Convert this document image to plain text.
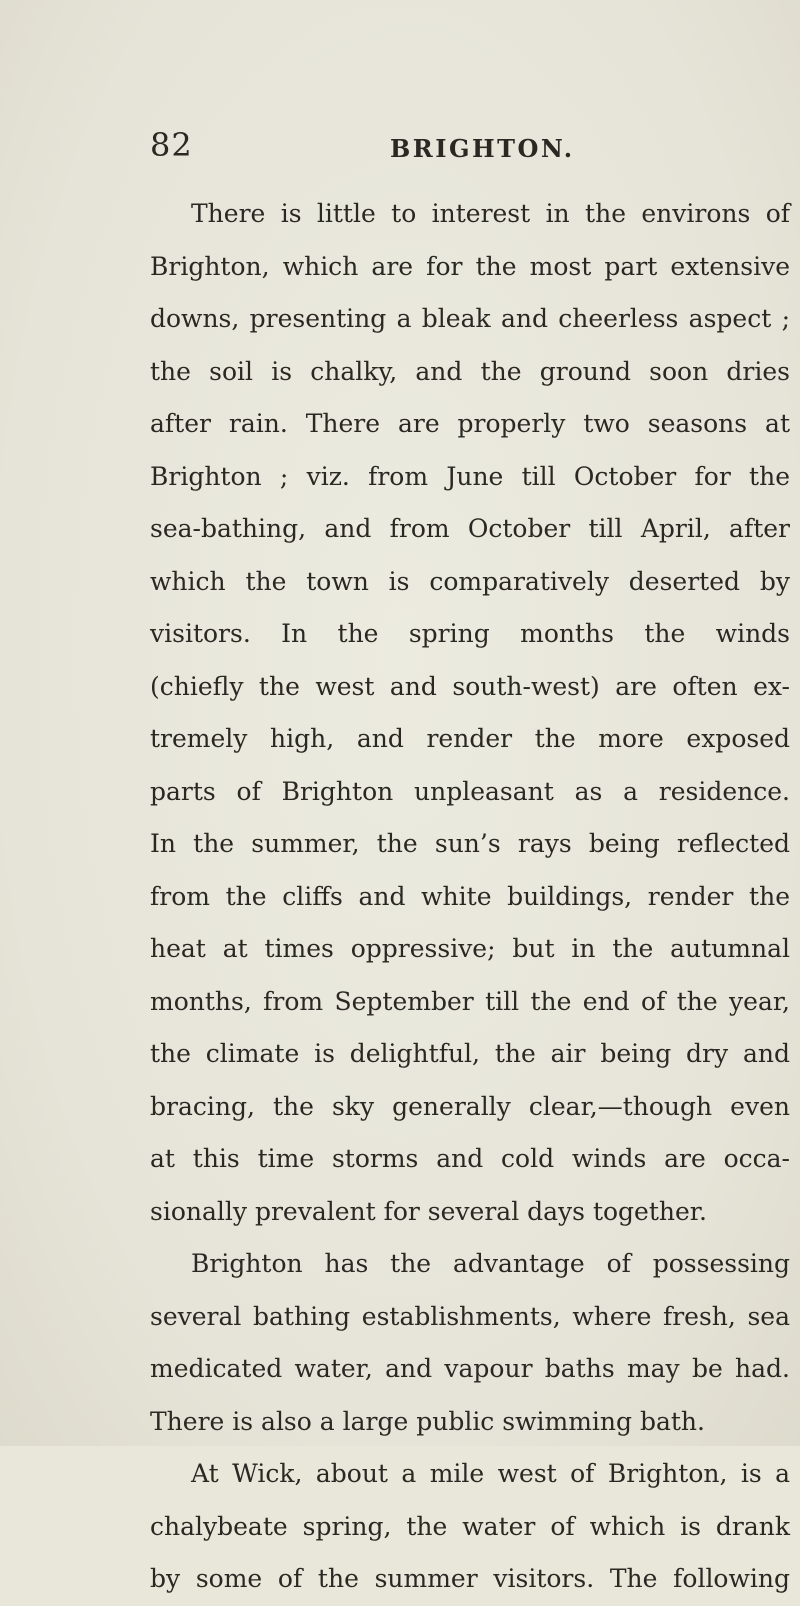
82	BRIGHTON.
There is little to interest in the environs of
Brighton, which are for the most part extensive
downs, presenting a bleak and cheerless aspect ;
the soil is chalky, and the ground soon dries
after rain. There are properly two seasons at
Brighton ; viz. from June till October for the
sea-bathing, and from October till April, after
which the town is comparatively deserted by
visitors. In the spring months the winds
(chiefly the west and south-west) are often ex-
tremely high, and render the more exposed
parts of Brighton unpleasant as a residence.
In the summer, the sun’s rays being reflected
from the cliffs and white buildings, render the
heat at times oppressive; but in the autumnal
months, from September till the end of the year,
the climate is delightful, the air being dry and
bracing, the sky generally clear,—though even
at this time storms and cold winds are occa-
sionally prevalent for several days together.
Brighton has the advantage of possessing
several bathing establishments, where fresh, sea
medicated water, and vapour baths may be had.
There is also a large public swimming bath.
At Wick, about a mile west of Brighton, is a
chalybeate spring, the water of which is drank
by some of the summer visitors. The following
